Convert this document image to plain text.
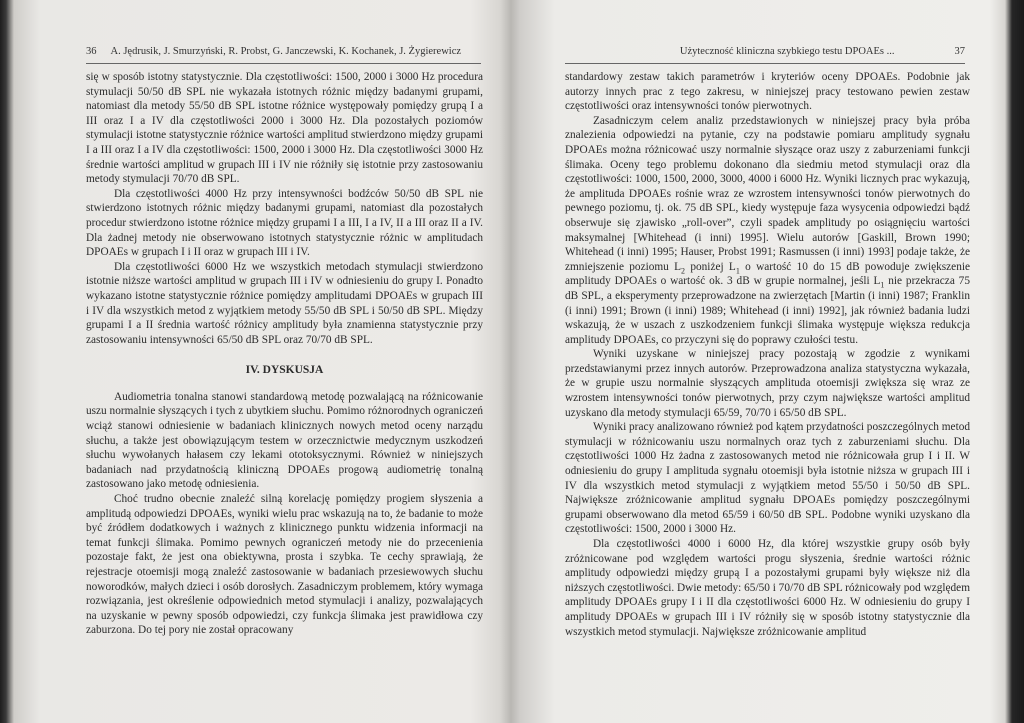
36 A. Jędrusik, J. Smurzyński, R. Probst, G. Janczewski, K. Kochanek, J. Żygierewicz

się w sposób istotny statystycznie. Dla częstotliwości: 1500, 2000 i 3000 Hz procedura stymulacji 50/50 dB SPL nie wykazała istotnych różnic między badanymi grupami, natomiast dla metody 55/50 dB SPL istotne różnice występowały pomiędzy grupą I a III oraz I a IV dla częstotliwości 2000 i 3000 Hz. Dla pozostałych poziomów stymulacji istotne statystycznie różnice wartości amplitud stwierdzono między grupami I a III oraz I a IV dla częstotliwości: 1500, 2000 i 3000 Hz. Dla częstotliwości 3000 Hz średnie wartości amplitud w grupach III i IV nie różniły się istotnie przy zastosowaniu metody stymulacji 70/70 dB SPL.

Dla częstotliwości 4000 Hz przy intensywności bodźców 50/50 dB SPL nie stwierdzono istotnych różnic między badanymi grupami, natomiast dla pozostałych procedur stwierdzono istotne różnice między grupami I a III, I a IV, II a III oraz II a IV. Dla żadnej metody nie obserwowano istotnych statystycznie różnic w amplitudach DPOAEs w grupach I i II oraz w grupach III i IV.

Dla częstotliwości 6000 Hz we wszystkich metodach stymulacji stwierdzono istotnie niższe wartości amplitud w grupach III i IV w odniesieniu do grupy I. Ponadto wykazano istotne statystycznie różnice pomiędzy amplitudami DPOAEs w grupach III i IV dla wszystkich metod z wyjątkiem metody 55/50 dB SPL i 50/50 dB SPL. Między grupami I a II średnia wartość różnicy amplitudy była znamienna statystycznie przy zastosowaniu intensywności 65/50 dB SPL oraz 70/70 dB SPL.

IV. DYSKUSJA

Audiometria tonalna stanowi standardową metodę pozwalającą na różnicowanie uszu normalnie słyszących i tych z ubytkiem słuchu. Pomimo różnorodnych ograniczeń wciąż stanowi odniesienie w badaniach klinicznych nowych metod oceny narządu słuchu, a także jest obowiązującym testem w orzecznictwie medycznym uszkodzeń słuchu wywołanych hałasem czy lekami ototoksycznymi. Również w niniejszych badaniach nad przydatnością kliniczną DPOAEs progową audiometrię tonalną zastosowano jako metodę odniesienia.

Choć trudno obecnie znaleźć silną korelację pomiędzy progiem słyszenia a amplitudą odpowiedzi DPOAEs, wyniki wielu prac wskazują na to, że badanie to może być źródłem dodatkowych i ważnych z klinicznego punktu widzenia informacji na temat funkcji ślimaka. Pomimo pewnych ograniczeń metody nie do przecenienia pozostaje fakt, że jest ona obiektywna, prosta i szybka. Te cechy sprawiają, że rejestracje otoemisji mogą znaleźć zastosowanie w badaniach przesiewowych słuchu noworodków, małych dzieci i osób dorosłych. Zasadniczym problemem, który wymaga rozwiązania, jest określenie odpowiednich metod stymulacji i analizy, pozwalających na uzyskanie w pewny sposób odpowiedzi, czy funkcja ślimaka jest prawidłowa czy zaburzona. Do tej pory nie został opracowany

Użyteczność kliniczna szybkiego testu DPOAEs ...	37

standardowy zestaw takich parametrów i kryteriów oceny DPOAEs. Podobnie jak autorzy innych prac z tego zakresu, w niniejszej pracy testowano pewien zestaw częstotliwości oraz intensywności tonów pierwotnych.

Zasadniczym celem analiz przedstawionych w niniejszej pracy była próba znalezienia odpowiedzi na pytanie, czy na podstawie pomiaru amplitudy sygnału DPOAEs można różnicować uszy normalnie słyszące oraz uszy z zaburzeniami funkcji ślimaka. Oceny tego problemu dokonano dla siedmiu metod stymulacji oraz dla częstotliwości: 1000, 1500, 2000, 3000, 4000 i 6000 Hz. Wyniki licznych prac wykazują, że amplituda DPOAEs rośnie wraz ze wzrostem intensywności tonów pierwotnych do pewnego poziomu, tj. ok. 75 dB SPL, kiedy występuje faza wysycenia odpowiedzi bądź obserwuje się zjawisko „roll-over”, czyli spadek amplitudy po osiągnięciu wartości maksymalnej [Whitehead (i inni) 1995]. Wielu autorów [Gaskill, Brown 1990; Whitehead (i inni) 1995; Hauser, Probst 1991; Rasmussen (i inni) 1993] podaje także, że zmniejszenie poziomu $L_2$ poniżej $L_1$ o wartość 10 do 15 dB powoduje zwiększenie amplitudy DPOAEs o wartość ok. 3 dB w grupie normalnej, jeśli $L_1$ nie przekracza 75 dB SPL, a eksperymenty przeprowadzone na zwierzętach [Martin (i inni) 1987; Franklin (i inni) 1991; Brown (i inni) 1989; Whitehead (i inni) 1992], jak również badania ludzi wskazują, że w uszach z uszkodzeniem funkcji ślimaka występuje większa redukcja amplitudy DPOAEs, co przyczyni się do poprawy czułości testu.

Wyniki uzyskane w niniejszej pracy pozostają w zgodzie z wynikami przedstawianymi przez innych autorów. Przeprowadzona analiza statystyczna wykazała, że w grupie uszu normalnie słyszących amplituda otoemisji zwiększa się wraz ze wzrostem intensywności tonów pierwotnych, przy czym największe wartości amplitud uzyskano dla metody stymulacji 65/59, 70/70 i 65/50 dB SPL.

Wyniki pracy analizowano również pod kątem przydatności poszczególnych metod stymulacji w różnicowaniu uszu normalnych oraz tych z zaburzeniami słuchu. Dla częstotliwości 1000 Hz żadna z zastosowanych metod nie różnicowała grup I i II. W odniesieniu do grupy I amplituda sygnału otoemisji była istotnie niższa w grupach III i IV dla wszystkich metod stymulacji z wyjątkiem metod 55/50 i 50/50 dB SPL. Największe zróżnicowanie amplitud sygnału DPOAEs pomiędzy poszczególnymi grupami obserwowano dla metod 65/59 i 60/50 dB SPL. Podobne wyniki uzyskano dla częstotliwości: 1500, 2000 i 3000 Hz.

Dla częstotliwości 4000 i 6000 Hz, dla której wszystkie grupy osób były zróżnicowane pod względem wartości progu słyszenia, średnie wartości różnic amplitudy odpowiedzi między grupą I a pozostałymi grupami były większe niż dla niższych częstotliwości. Dwie metody: 65/50 i 70/70 dB SPL różnicowały pod względem amplitudy DPOAEs grupy I i II dla częstotliwości 6000 Hz. W odniesieniu do grupy I amplitudy DPOAEs w grupach III i IV różniły się w sposób istotny statystycznie dla wszystkich metod stymulacji. Największe zróżnicowanie amplitud
